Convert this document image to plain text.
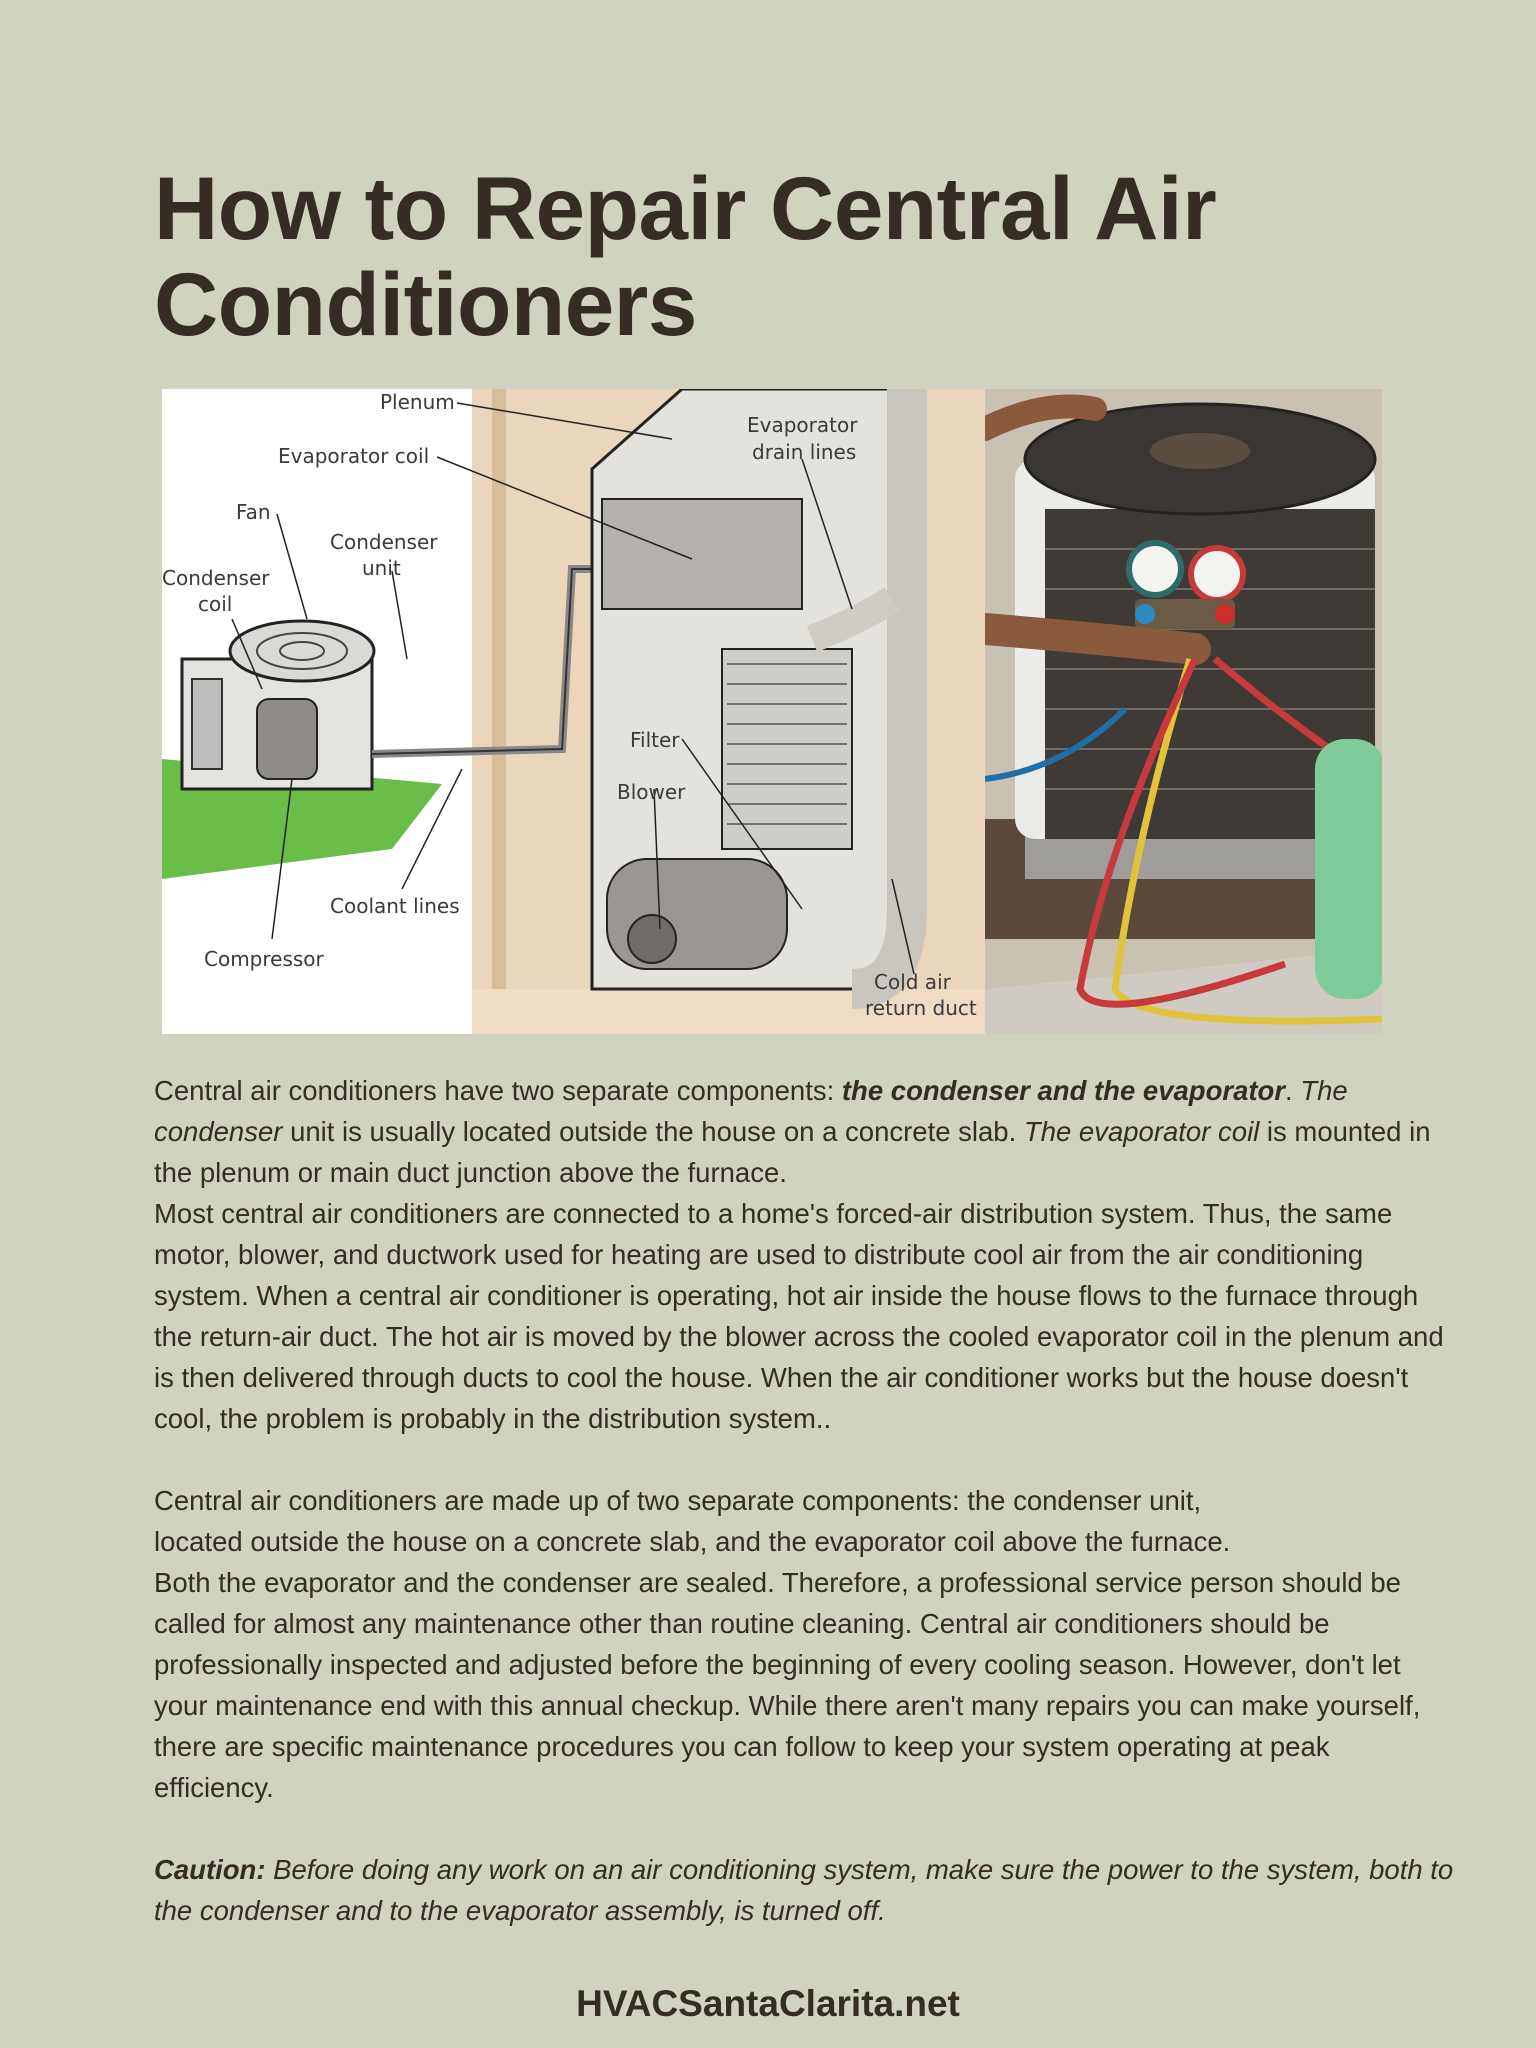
How to Repair Central Air Conditioners
Plenum
Evaporator coil
Fan
Condenser
unit
Condenser
coil
Evaporator
drain lines
Filter
Blower
Coolant lines
Compressor
Cold air
return duct

Central air conditioners have two separate components: the condenser and the evaporator. The condenser unit is usually located outside the house on a concrete slab. The evaporator coil is mounted in the plenum or main duct junction above the furnace.

Most central air conditioners are connected to a home's forced-air distribution system. Thus, the same motor, blower, and ductwork used for heating are used to distribute cool air from the air conditioning system. When a central air conditioner is operating, hot air inside the house flows to the furnace through the return-air duct. The hot air is moved by the blower across the cooled evaporator coil in the plenum and is then delivered through ducts to cool the house. When the air conditioner works but the house doesn't cool, the problem is probably in the distribution system..

Central air conditioners are made up of two separate components: the condenser unit,
located outside the house on a concrete slab, and the evaporator coil above the furnace.

Both the evaporator and the condenser are sealed. Therefore, a professional service person should be called for almost any maintenance other than routine cleaning. Central air conditioners should be professionally inspected and adjusted before the beginning of every cooling season. However, don't let your maintenance end with this annual checkup. While there aren't many repairs you can make yourself, there are specific maintenance procedures you can follow to keep your system operating at peak efficiency.

Caution: Before doing any work on an air conditioning system, make sure the power to the system, both to the condenser and to the evaporator assembly, is turned off.

HVACSantaClarita.net
